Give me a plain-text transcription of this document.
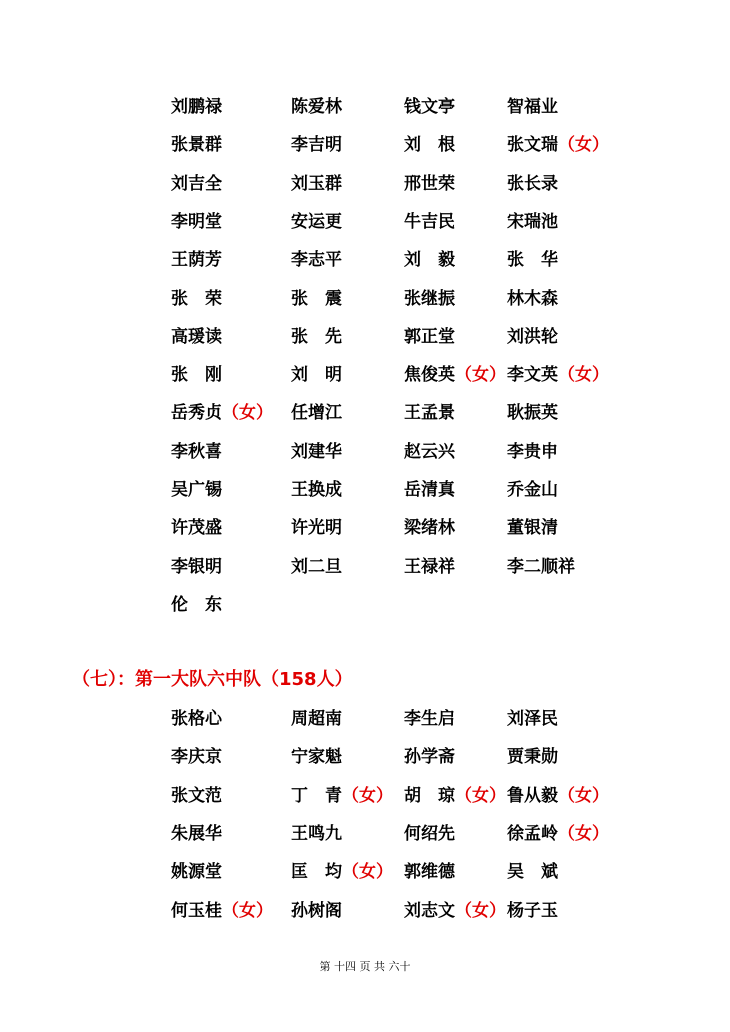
刘鹏禄	陈爱林	钱文亭	智福业
张景群	李吉明	刘　根	张文瑞（女）
刘吉全	刘玉群	邢世荣	张长录
李明堂	安运更	牛吉民	宋瑞池
王荫芳	李志平	刘　毅	张　华
张　荣	张　震	张继振	林木森
高瑗读	张　先	郭正堂	刘洪轮
张　刚	刘　明	焦俊英（女） 李文英（女）
岳秀贞（女） 任增江	王孟景	耿振英
李秋喜	刘建华	赵云兴	李贵申
吴广锡	王换成	岳清真	乔金山
许茂盛	许光明	梁绪林	董银清
李银明	刘二旦	王禄祥	李二顺祥
伦　东
（七）：第一大队六中队（158人）
张格心	周超南	李生启	刘泽民
李庆京	宁家魁	孙学斋	贾秉勋
张文范	丁　青（女） 胡　琼（女） 鲁从毅（女）
朱展华	王鸣九	何绍先	徐孟岭（女）
姚源堂	匡　均（女） 郭维德	吴　斌
何玉桂（女） 孙树阁	刘志文（女） 杨子玉
第 十四 页 共 六十
